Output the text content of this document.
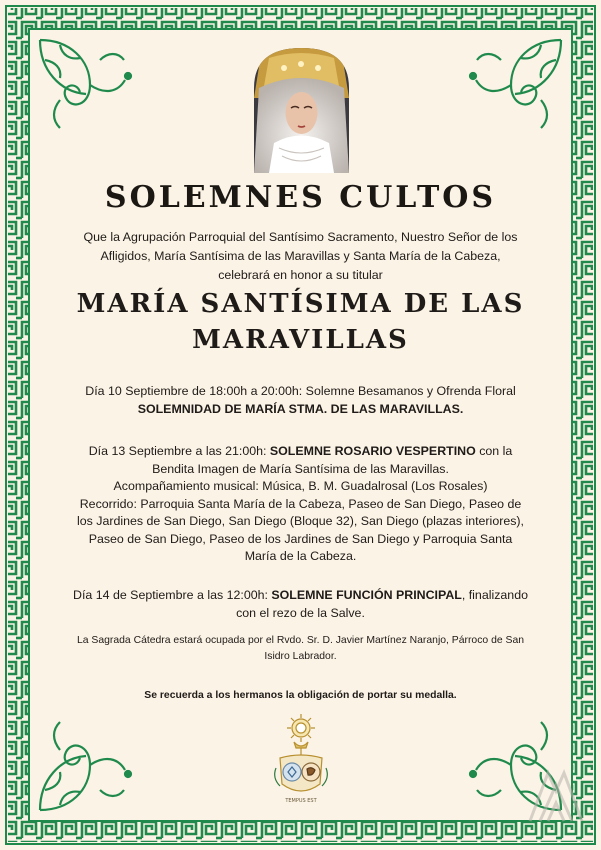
SOLEMNES CULTOS

Que la Agrupación Parroquial del Santísimo Sacramento, Nuestro Señor de los
Afligidos, María Santísima de las Maravillas y Santa María de la Cabeza,
celebrará en honor a su titular

MARÍA SANTÍSIMA DE LAS
MARAVILLAS

Día 10 Septiembre de 18:00h a 20:00h: Solemne Besamanos y Ofrenda Floral
SOLEMNIDAD DE MARÍA STMA. DE LAS MARAVILLAS.

Día 13 Septiembre a las 21:00h: SOLEMNE ROSARIO VESPERTINO con la
Bendita Imagen de María Santísima de las Maravillas.
Acompañamiento musical: Música, B. M. Guadalrosal (Los Rosales)
Recorrido: Parroquia Santa María de la Cabeza, Paseo de San Diego, Paseo de
los Jardines de San Diego, San Diego (Bloque 32), San Diego (plazas interiores),
Paseo de San Diego, Paseo de los Jardines de San Diego y Parroquia Santa
María de la Cabeza.

Día 14 de Septiembre a las 12:00h: SOLEMNE FUNCIÓN PRINCIPAL, finalizando
con el rezo de la Salve.

La Sagrada Cátedra estará ocupada por el Rvdo. Sr. D. Javier Martínez Naranjo, Párroco de San
Isidro Labrador.

Se recuerda a los hermanos la obligación de portar su medalla.

TEMPUS EST
